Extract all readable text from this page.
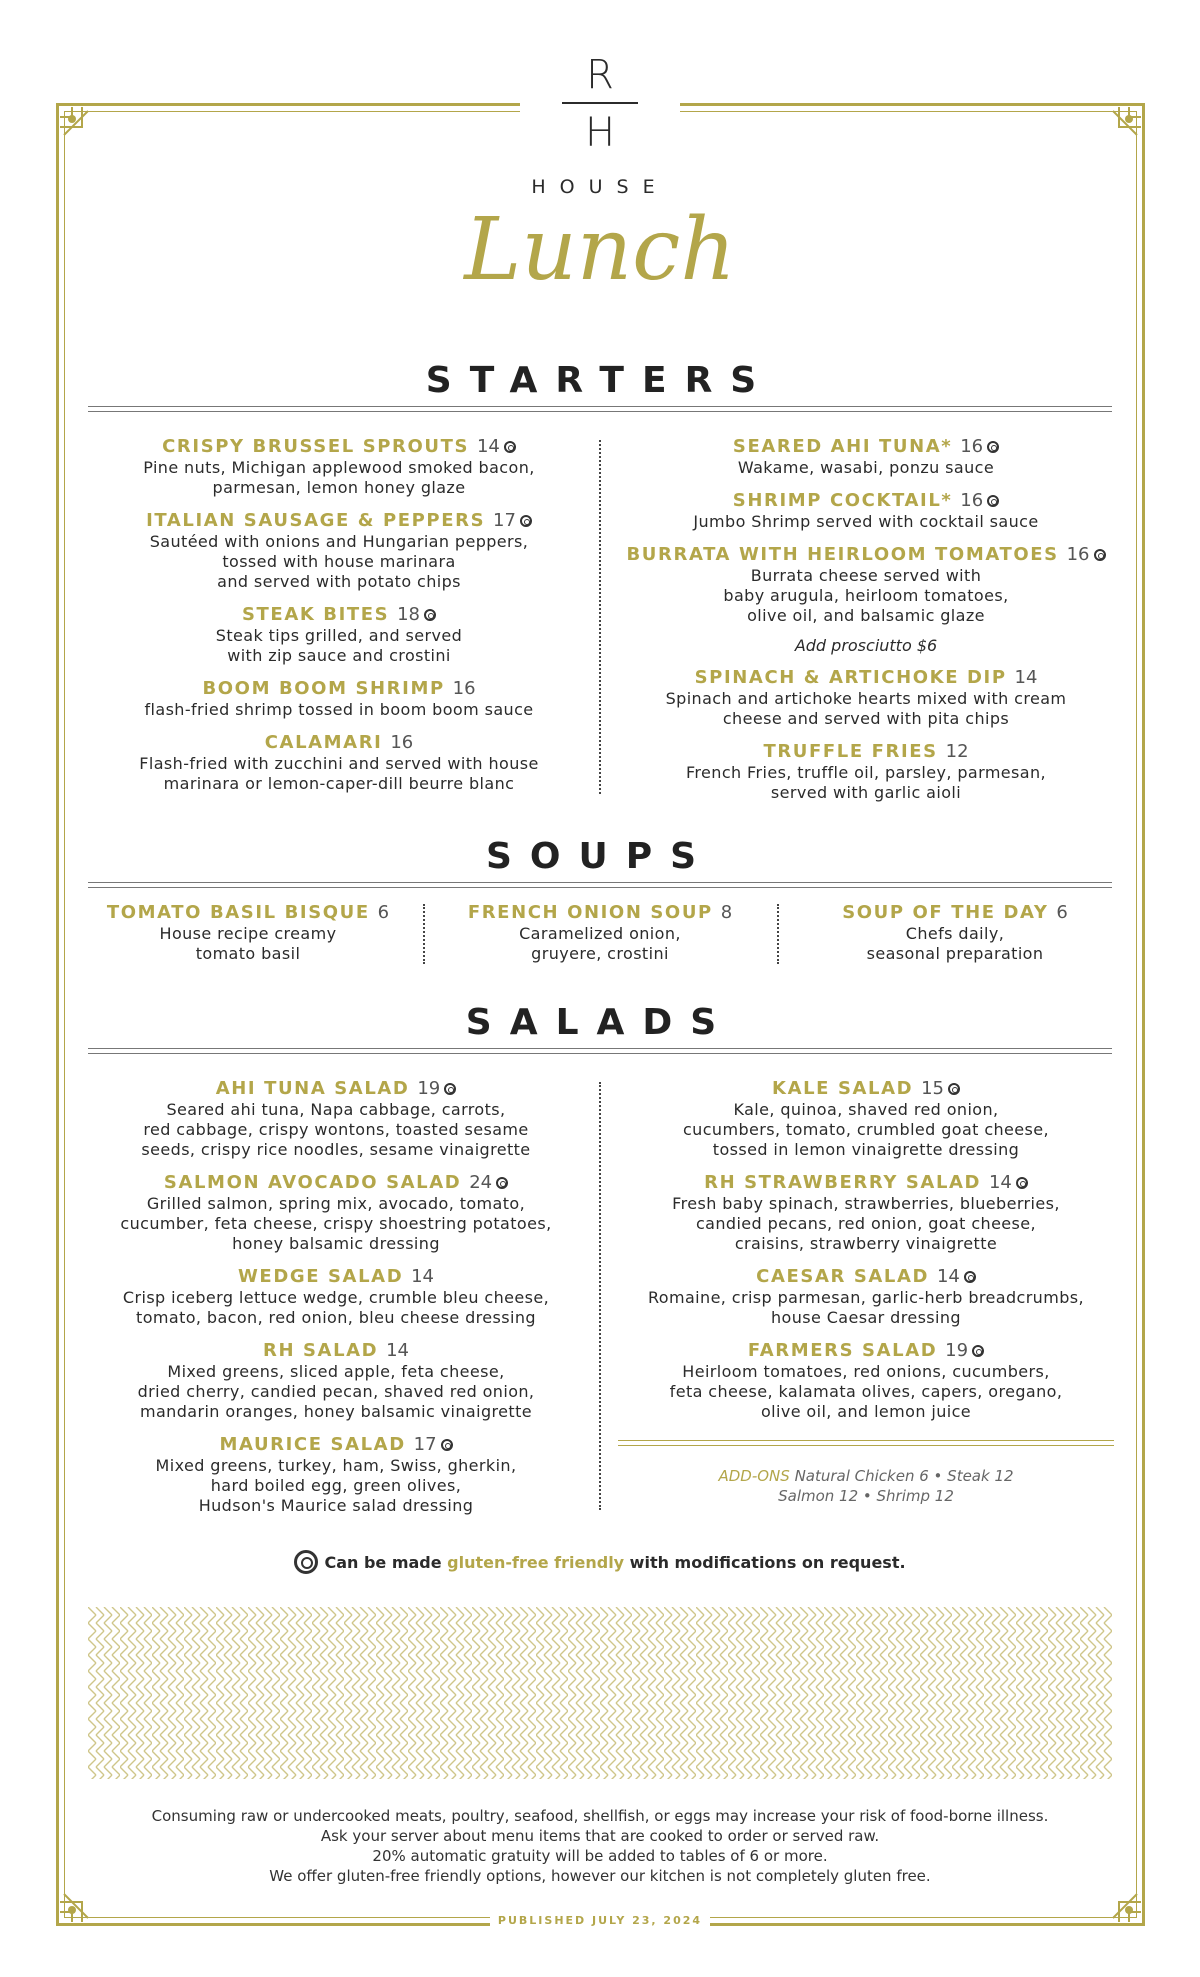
R
H
HOUSE
Lunch
STARTERS
CRISPY BRUSSEL SPROUTS 14
Pine nuts, Michigan applewood smoked bacon,
parmesan, lemon honey glaze
ITALIAN SAUSAGE & PEPPERS 17
Sautéed with onions and Hungarian peppers,
tossed with house marinara
and served with potato chips
STEAK BITES 18
Steak tips grilled, and served
with zip sauce and crostini
BOOM BOOM SHRIMP 16
flash-fried shrimp tossed in boom boom sauce
CALAMARI 16
Flash-fried with zucchini and served with house
marinara or lemon-caper-dill beurre blanc
SEARED AHI TUNA* 16
Wakame, wasabi, ponzu sauce
SHRIMP COCKTAIL* 16
Jumbo Shrimp served with cocktail sauce
BURRATA WITH HEIRLOOM TOMATOES 16
Burrata cheese served with
baby arugula, heirloom tomatoes,
olive oil, and balsamic glaze
Add prosciutto $6
SPINACH & ARTICHOKE DIP 14
Spinach and artichoke hearts mixed with cream
cheese and served with pita chips
TRUFFLE FRIES 12
French Fries, truffle oil, parsley, parmesan,
served with garlic aioli
SOUPS
TOMATO BASIL BISQUE 6
House recipe creamy
tomato basil
FRENCH ONION SOUP 8
Caramelized onion,
gruyere, crostini
SOUP OF THE DAY 6
Chefs daily,
seasonal preparation
SALADS
AHI TUNA SALAD 19
Seared ahi tuna, Napa cabbage, carrots,
red cabbage, crispy wontons, toasted sesame
seeds, crispy rice noodles, sesame vinaigrette
SALMON AVOCADO SALAD 24
Grilled salmon, spring mix, avocado, tomato,
cucumber, feta cheese, crispy shoestring potatoes,
honey balsamic dressing
WEDGE SALAD 14
Crisp iceberg lettuce wedge, crumble bleu cheese,
tomato, bacon, red onion, bleu cheese dressing
RH SALAD 14
Mixed greens, sliced apple, feta cheese,
dried cherry, candied pecan, shaved red onion,
mandarin oranges, honey balsamic vinaigrette
MAURICE SALAD 17
Mixed greens, turkey, ham, Swiss, gherkin,
hard boiled egg, green olives,
Hudson's Maurice salad dressing
KALE SALAD 15
Kale, quinoa, shaved red onion,
cucumbers, tomato, crumbled goat cheese,
tossed in lemon vinaigrette dressing
RH STRAWBERRY SALAD 14
Fresh baby spinach, strawberries, blueberries,
candied pecans, red onion, goat cheese,
craisins, strawberry vinaigrette
CAESAR SALAD 14
Romaine, crisp parmesan, garlic-herb breadcrumbs,
house Caesar dressing
FARMERS SALAD 19
Heirloom tomatoes, red onions, cucumbers,
feta cheese, kalamata olives, capers, oregano,
olive oil, and lemon juice
ADD-ONS Natural Chicken 6 • Steak 12
Salmon 12 • Shrimp 12
Can be made gluten-free friendly with modifications on request.
Consuming raw or undercooked meats, poultry, seafood, shellfish, or eggs may increase your risk of food-borne illness.
Ask your server about menu items that are cooked to order or served raw.
20% automatic gratuity will be added to tables of 6 or more.
We offer gluten-free friendly options, however our kitchen is not completely gluten free.
PUBLISHED JULY 23, 2024
